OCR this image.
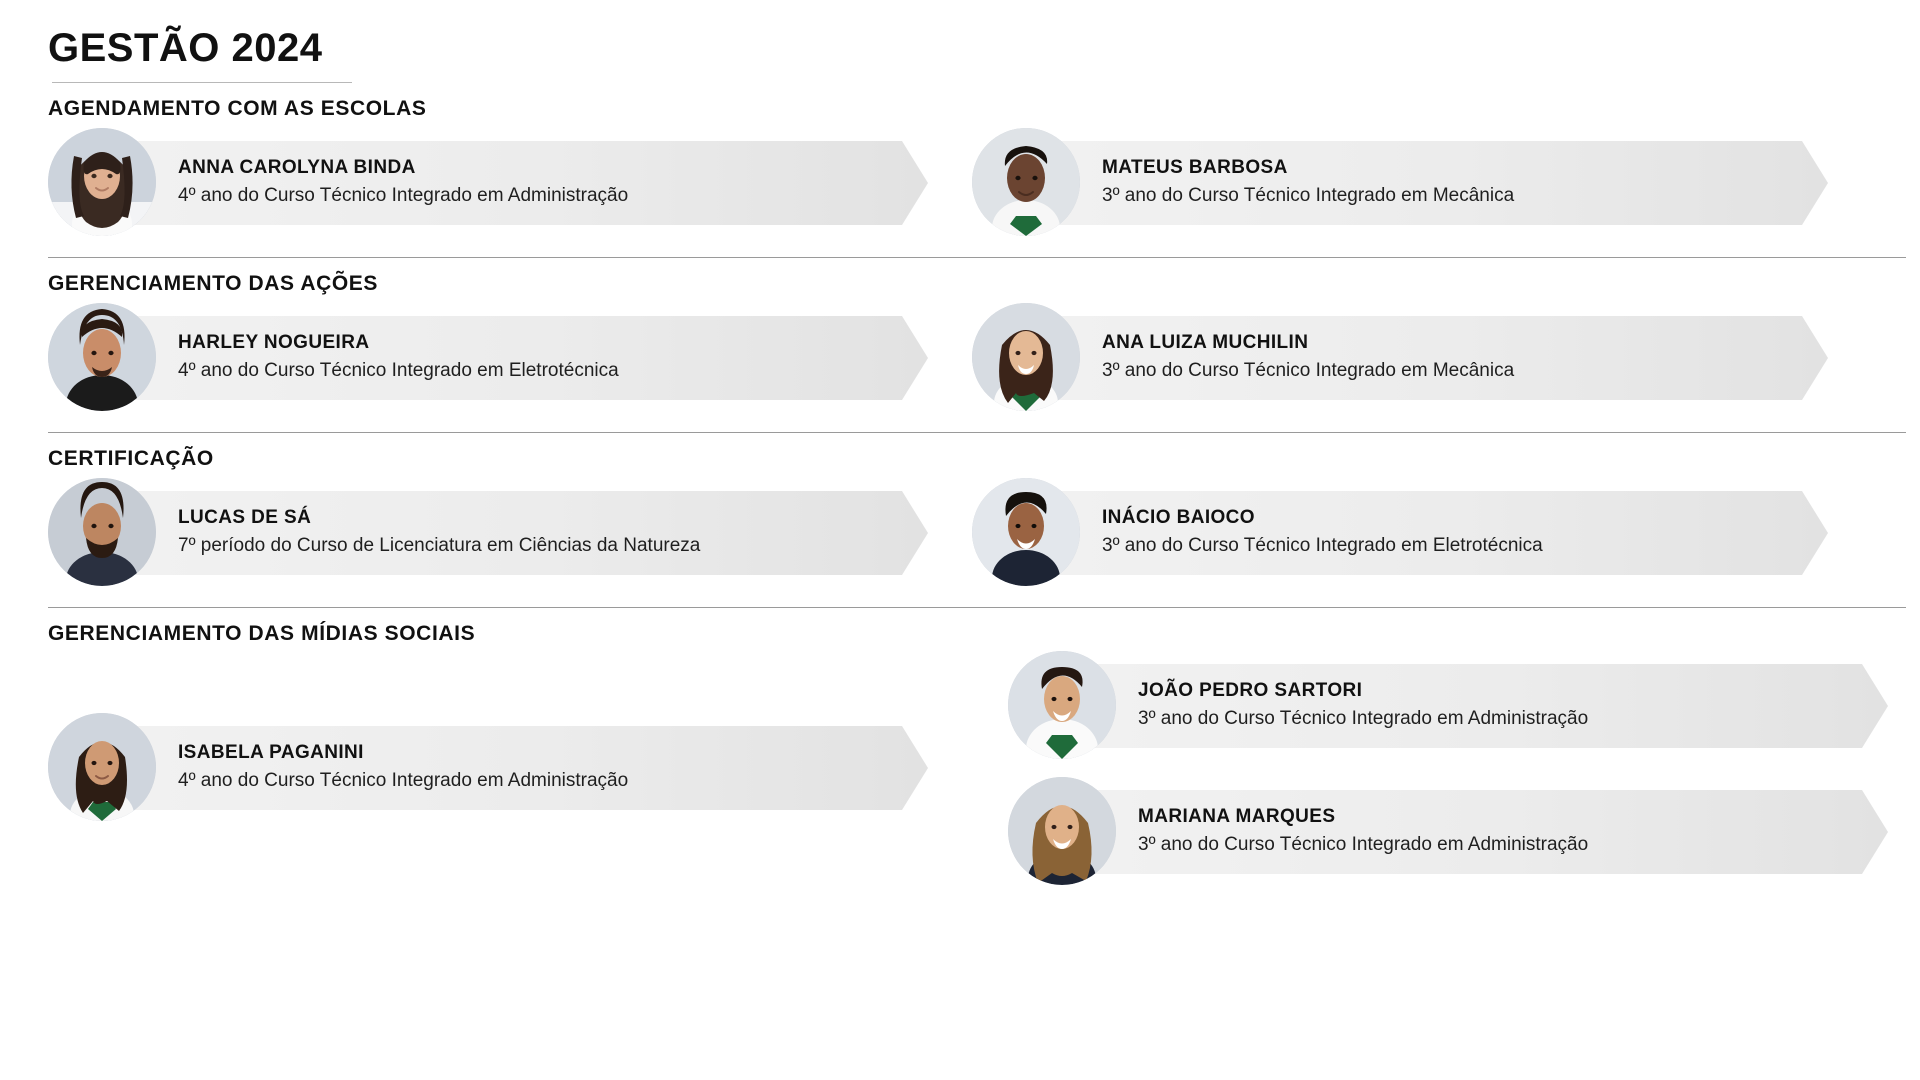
GESTÃO 2024
AGENDAMENTO COM AS ESCOLAS
ANNA CAROLYNA BINDA
4º ano do Curso Técnico Integrado em Administração
MATEUS BARBOSA
3º ano do Curso Técnico Integrado em Mecânica
GERENCIAMENTO DAS AÇÕES
HARLEY NOGUEIRA
4º ano do Curso Técnico Integrado em Eletrotécnica
ANA LUIZA MUCHILIN
3º ano do Curso Técnico Integrado em Mecânica
CERTIFICAÇÃO
LUCAS DE SÁ
7º período do Curso de Licenciatura em Ciências da Natureza
INÁCIO BAIOCO
3º ano do Curso Técnico Integrado em Eletrotécnica
GERENCIAMENTO DAS MÍDIAS SOCIAIS
ISABELA PAGANINI
4º ano do Curso Técnico Integrado em Administração
JOÃO PEDRO SARTORI
3º ano do Curso Técnico Integrado em Administração
MARIANA MARQUES
3º ano do Curso Técnico Integrado em Administração
